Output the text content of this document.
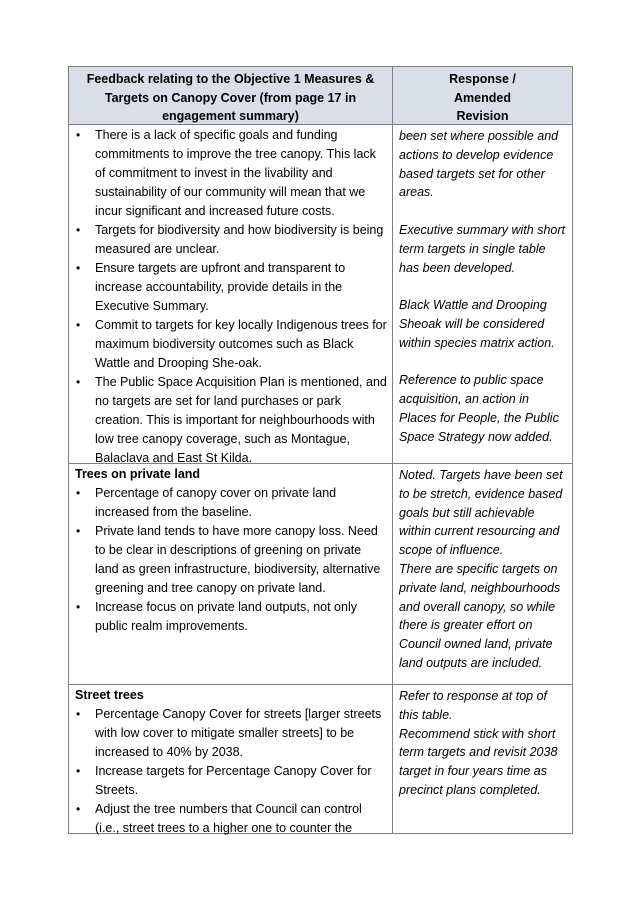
Feedback relating to the Objective 1 Measures & Targets on Canopy Cover (from page 17 in engagement summary)
Response / Amended Revision
• There is a lack of specific goals and funding commitments to improve the tree canopy. This lack of commitment to invest in the livability and sustainability of our community will mean that we incur significant and increased future costs.
• Targets for biodiversity and how biodiversity is being measured are unclear.
• Ensure targets are upfront and transparent to increase accountability, provide details in the Executive Summary.
• Commit to targets for key locally Indigenous trees for maximum biodiversity outcomes such as Black Wattle and Drooping She-oak.
• The Public Space Acquisition Plan is mentioned, and no targets are set for land purchases or park creation. This is important for neighbourhoods with low tree canopy coverage, such as Montague, Balaclava and East St Kilda.

been set where possible and actions to develop evidence based targets set for other areas.

Executive summary with short term targets in single table has been developed.

Black Wattle and Drooping Sheoak will be considered within species matrix action.

Reference to public space acquisition, an action in Places for People, the Public Space Strategy now added.

Trees on private land
• Percentage of canopy cover on private land increased from the baseline.
• Private land tends to have more canopy loss. Need to be clear in descriptions of greening on private land as green infrastructure, biodiversity, alternative greening and tree canopy on private land.
• Increase focus on private land outputs, not only public realm improvements.

Noted. Targets have been set to be stretch, evidence based goals but still achievable within current resourcing and scope of influence.

There are specific targets on private land, neighbourhoods and overall canopy, so while there is greater effort on Council owned land, private land outputs are included.

Street trees
• Percentage Canopy Cover for streets [larger streets with low cover to mitigate smaller streets] to be increased to 40% by 2038.
• Increase targets for Percentage Canopy Cover for Streets.
• Adjust the tree numbers that Council can control (i.e., street trees to a higher one to counter the

Refer to response at top of this table.

Recommend stick with short term targets and revisit 2038 target in four years time as precinct plans completed.
